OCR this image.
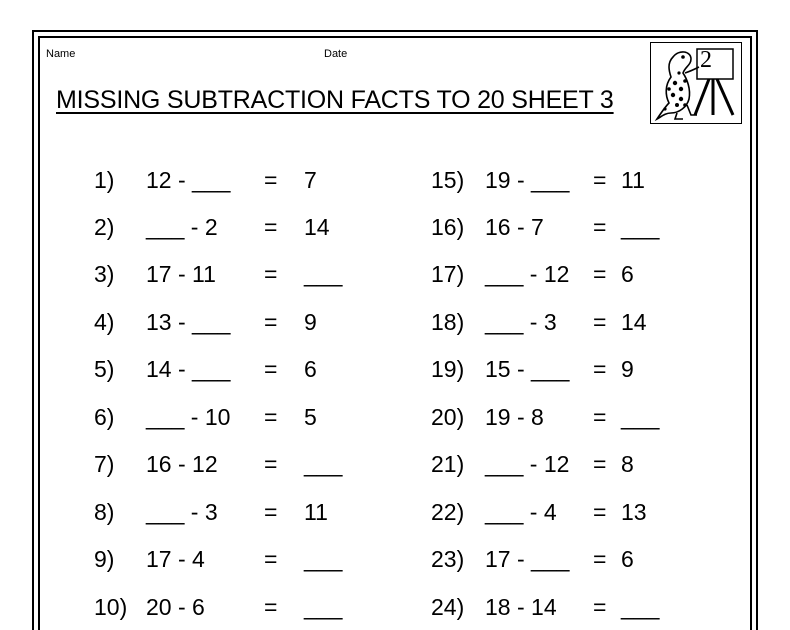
Name	Date
MISSING SUBTRACTION FACTS TO 20 SHEET 3
2
1) 12 - ___ = 7
2) ___ - 2 = 14
3) 17 - 11 = ___
4) 13 - ___ = 9
5) 14 - ___ = 6
6) ___ - 10 = 5
7) 16 - 12 = ___
8) ___ - 3 = 11
9) 17 - 4	= ___
10) 20 - 6	= ___
15) 19 - ___ = 11
16) 16 - 7 = ___
17) ___ - 12 = 6
18) ___ - 3 = 14
19) 15 - ___ = 9
20) 19 - 8 = ___
21) ___ - 12 = 8
22) ___ - 4 = 13
23) 17 - ___ = 6
24) 18 - 14 = ___
